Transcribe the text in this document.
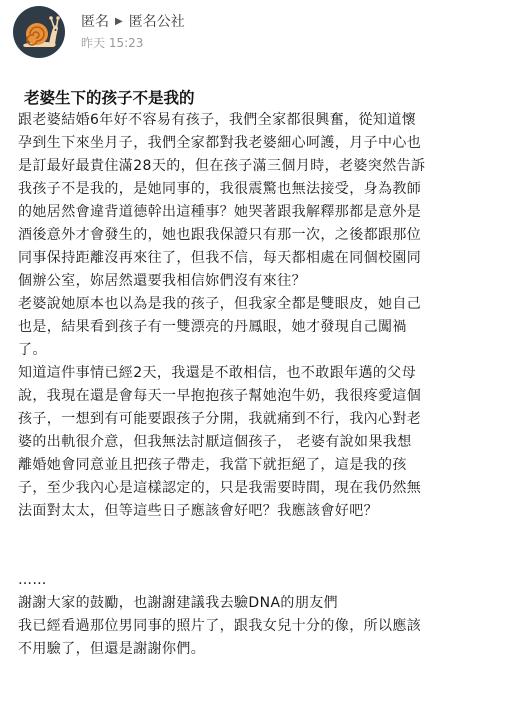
匿名 ▶ 匿名公社
昨天 15:23
老婆生下的孩子不是我的

跟老婆結婚6年好不容易有孩子，我們全家都很興奮，從知道懷

孕到生下來坐月子，我們全家都對我老婆細心呵護，月子中心也

是訂最好最貴住滿28天的，但在孩子滿三個月時，老婆突然告訴

我孩子不是我的，是她同事的，我很震驚也無法接受，身為教師

的她居然會違背道德幹出這種事？她哭著跟我解釋那都是意外是

酒後意外才會發生的，她也跟我保證只有那一次，之後都跟那位

同事保持距離沒再來往了，但我不信，每天都相處在同個校園同

個辦公室，妳居然還要我相信妳們沒有來往？

老婆說她原本也以為是我的孩子，但我家全都是雙眼皮，她自己

也是，結果看到孩子有一雙漂亮的丹鳳眼，她才發現自己闖禍

了。

知道這件事情已經2天，我還是不敢相信，也不敢跟年邁的父母

說，我現在還是會每天一早抱抱孩子幫她泡牛奶，我很疼愛這個

孩子，一想到有可能要跟孩子分開，我就痛到不行，我內心對老

婆的出軌很介意，但我無法討厭這個孩子， 老婆有說如果我想

離婚她會同意並且把孩子帶走，我當下就拒絕了，這是我的孩

子，至少我內心是這樣認定的，只是我需要時間，現在我仍然無

法面對太太，但等這些日子應該會好吧？我應該會好吧？

……

謝謝大家的鼓勵，也謝謝建議我去驗DNA的朋友們

我已經看過那位男同事的照片了，跟我女兒十分的像，所以應該

不用驗了，但還是謝謝你們。
